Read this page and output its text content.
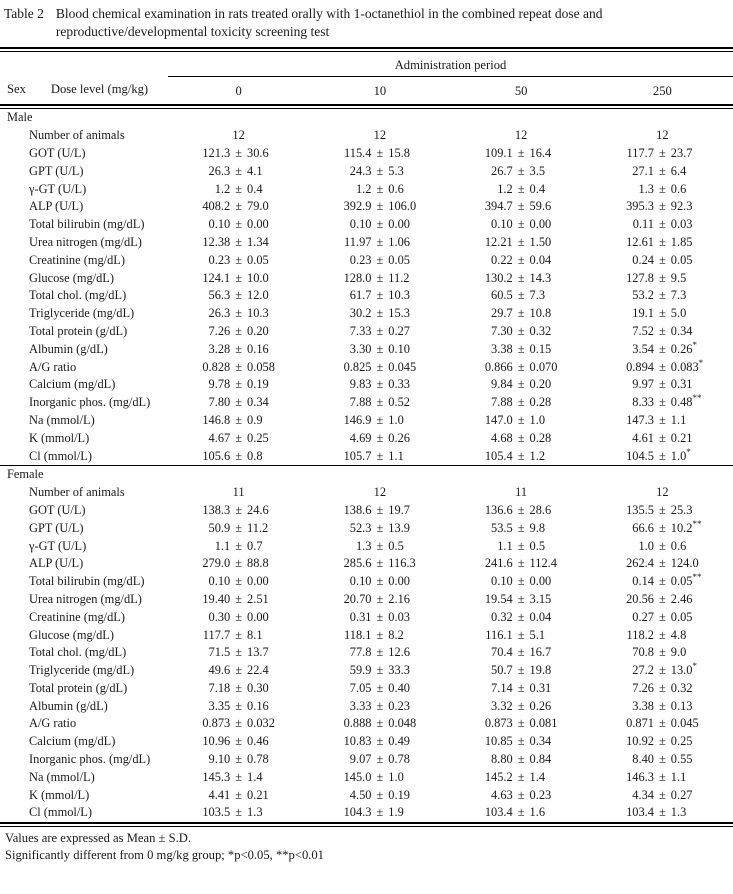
Table 2 Blood chemical examination in rats treated orally with 1-octanethiol in the combined repeat dose and
reproductive/developmental toxicity screening test
Sex Dose level (mg/kg)
Administration period
0	10	50	250
Male
Number of animals	12	12	12	12
GOT (U/L)	121.3 ± 30.6	115.4 ± 15.8	109.1 ± 16.4	117.7 ± 23.7
GPT (U/L)	26.3 ± 4.1	24.3 ± 5.3	26.7 ± 3.5	27.1 ± 6.4
γ-GT (U/L)	1.2 ± 0.4	1.2 ± 0.6	1.2 ± 0.4	1.3 ± 0.6
ALP (U/L)	408.2 ± 79.0	392.9 ± 106.0	394.7 ± 59.6	395.3 ± 92.3
Total bilirubin (mg/dL)	0.10 ± 0.00	0.10 ± 0.00	0.10 ± 0.00	0.11 ± 0.03
Urea nitrogen (mg/dL)	12.38 ± 1.34	11.97 ± 1.06	12.21 ± 1.50	12.61 ± 1.85
Creatinine (mg/dL)	0.23 ± 0.05	0.23 ± 0.05	0.22 ± 0.04	0.24 ± 0.05
Glucose (mg/dL)	124.1 ± 10.0	128.0 ± 11.2	130.2 ± 14.3	127.8 ± 9.5
Total chol. (mg/dL)	56.3 ± 12.0	61.7 ± 10.3	60.5 ± 7.3	53.2 ± 7.3
Triglyceride (mg/dL)	26.3 ± 10.3	30.2 ± 15.3	29.7 ± 10.8	19.1 ± 5.0
Total protein (g/dL)	7.26 ± 0.20	7.33 ± 0.27	7.30 ± 0.32	7.52 ± 0.34
Albumin (g/dL)	3.28 ± 0.16	3.30 ± 0.10	3.38 ± 0.15	3.54 ± 0.26*
A/G ratio	0.828 ± 0.058	0.825 ± 0.045	0.866 ± 0.070	0.894 ± 0.083*
Calcium (mg/dL)	9.78 ± 0.19	9.83 ± 0.33	9.84 ± 0.20	9.97 ± 0.31
Inorganic phos. (mg/dL)	7.80 ± 0.34	7.88 ± 0.52	7.88 ± 0.28	8.33 ± 0.48**
Na (mmol/L)	146.8 ± 0.9	146.9 ± 1.0	147.0 ± 1.0	147.3 ± 1.1
K (mmol/L)	4.67 ± 0.25	4.69 ± 0.26	4.68 ± 0.28	4.61 ± 0.21
Cl (mmol/L)	105.6 ± 0.8	105.7 ± 1.1	105.4 ± 1.2	104.5 ± 1.0*
Female
Number of animals	11	12	11	12
GOT (U/L)	138.3 ± 24.6	138.6 ± 19.7	136.6 ± 28.6	135.5 ± 25.3
GPT (U/L)	50.9 ± 11.2	52.3 ± 13.9	53.5 ± 9.8	66.6 ± 10.2**
γ-GT (U/L)	1.1 ± 0.7	1.3 ± 0.5	1.1 ± 0.5	1.0 ± 0.6
ALP (U/L)	279.0 ± 88.8	285.6 ± 116.3	241.6 ± 112.4	262.4 ± 124.0
Total bilirubin (mg/dL)	0.10 ± 0.00	0.10 ± 0.00	0.10 ± 0.00	0.14 ± 0.05**
Urea nitrogen (mg/dL)	19.40 ± 2.51	20.70 ± 2.16	19.54 ± 3.15	20.56 ± 2.46
Creatinine (mg/dL)	0.30 ± 0.00	0.31 ± 0.03	0.32 ± 0.04	0.27 ± 0.05
Glucose (mg/dL)	117.7 ± 8.1	118.1 ± 8.2	116.1 ± 5.1	118.2 ± 4.8
Total chol. (mg/dL)	71.5 ± 13.7	77.8 ± 12.6	70.4 ± 16.7	70.8 ± 9.0
Triglyceride (mg/dL)	49.6 ± 22.4	59.9 ± 33.3	50.7 ± 19.8	27.2 ± 13.0*
Total protein (g/dL)	7.18 ± 0.30	7.05 ± 0.40	7.14 ± 0.31	7.26 ± 0.32
Albumin (g/dL)	3.35 ± 0.16	3.33 ± 0.23	3.32 ± 0.26	3.38 ± 0.13
A/G ratio	0.873 ± 0.032	0.888 ± 0.048	0.873 ± 0.081	0.871 ± 0.045
Calcium (mg/dL)	10.96 ± 0.46	10.83 ± 0.49	10.85 ± 0.34	10.92 ± 0.25
Inorganic phos. (mg/dL)	9.10 ± 0.78	9.07 ± 0.78	8.80 ± 0.84	8.40 ± 0.55
Na (mmol/L)	145.3 ± 1.4	145.0 ± 1.0	145.2 ± 1.4	146.3 ± 1.1
K (mmol/L)	4.41 ± 0.21	4.50 ± 0.19	4.63 ± 0.23	4.34 ± 0.27
Cl (mmol/L)	103.5 ± 1.3	104.3 ± 1.9	103.4 ± 1.6	103.4 ± 1.3
Values are expressed as Mean ± S.D.
Significantly different from 0 mg/kg group; *p<0.05, **p<0.01
